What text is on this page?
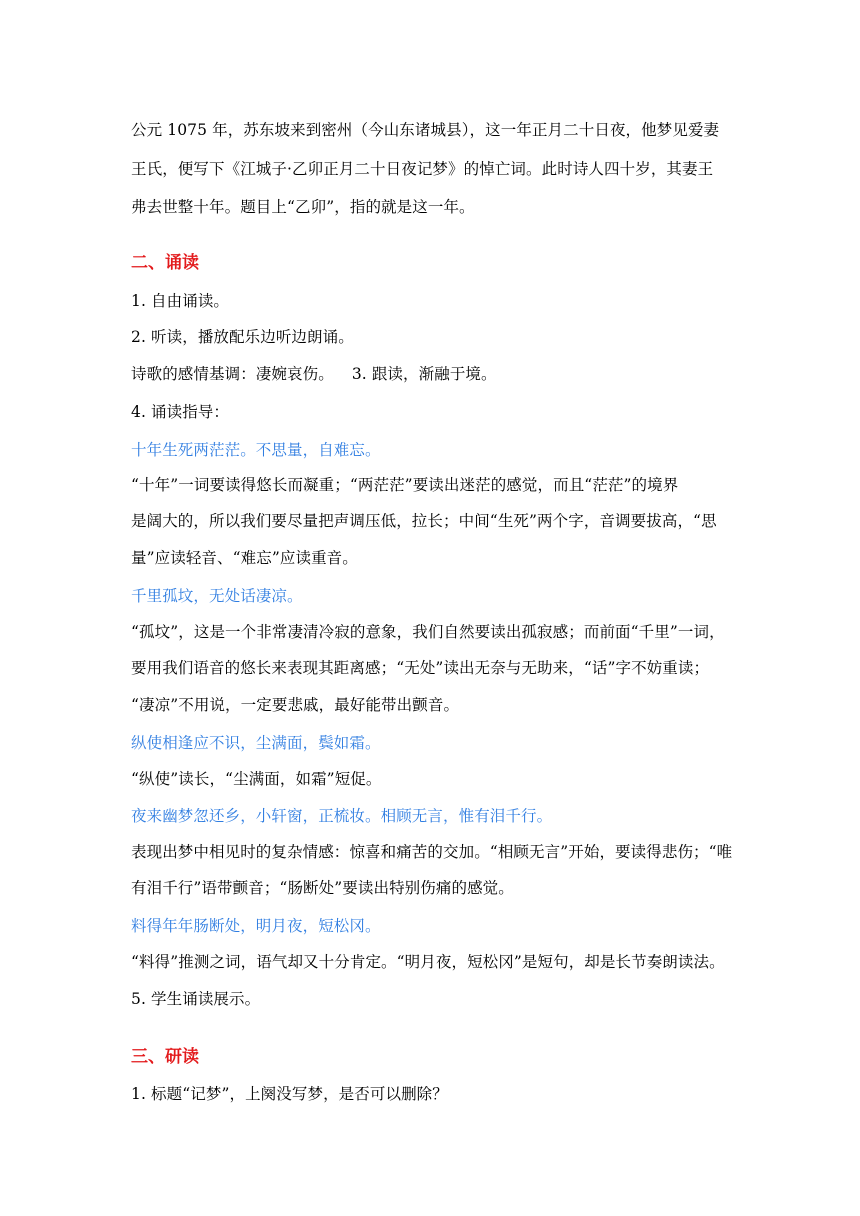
公元 1075 年，苏东坡来到密州（今山东诸城县），这一年正月二十日夜，他梦见爱妻
王氏，便写下《江城子·乙卯正月二十日夜记梦》的悼亡词。此时诗人四十岁，其妻王
弗去世整十年。题目上“乙卯”，指的就是这一年。
二、诵读
1. 自由诵读。
2. 听读，播放配乐边听边朗诵。
诗歌的感情基调：凄婉哀伤。 3. 跟读，渐融于境。
4. 诵读指导：
十年生死两茫茫。不思量，自难忘。
“十年”一词要读得悠长而凝重；“两茫茫”要读出迷茫的感觉，而且“茫茫”的境界
是阔大的，所以我们要尽量把声调压低，拉长；中间“生死”两个字，音调要拔高，“思
量”应读轻音、“难忘”应读重音。
千里孤坟，无处话凄凉。
“孤坟”，这是一个非常凄清冷寂的意象，我们自然要读出孤寂感；而前面“千里”一词，
要用我们语音的悠长来表现其距离感；“无处”读出无奈与无助来，“话”字不妨重读；
“凄凉”不用说，一定要悲戚，最好能带出颤音。
纵使相逢应不识，尘满面，鬓如霜。
“纵使”读长，“尘满面，如霜”短促。
夜来幽梦忽还乡，小轩窗，正梳妆。相顾无言，惟有泪千行。
表现出梦中相见时的复杂情感：惊喜和痛苦的交加。“相顾无言”开始，要读得悲伤；“唯
有泪千行”语带颤音；“肠断处”要读出特别伤痛的感觉。
料得年年肠断处，明月夜，短松冈。
“料得”推测之词，语气却又十分肯定。“明月夜，短松冈”是短句，却是长节奏朗读法。
5. 学生诵读展示。
三、研读
1. 标题“记梦”，上阕没写梦，是否可以删除？
